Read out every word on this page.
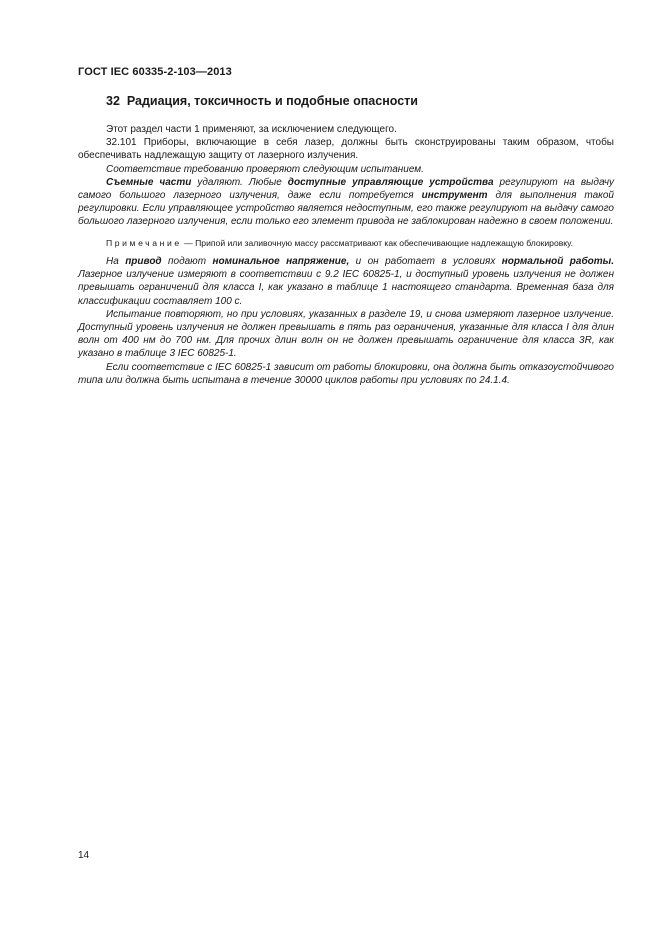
ГОСТ IEC 60335-2-103—2013
32 Радиация, токсичность и подобные опасности

Этот раздел части 1 применяют, за исключением следующего.

32.101 Приборы, включающие в себя лазер, должны быть сконструированы таким образом, чтобы обеспечивать надлежащую защиту от лазерного излучения.

Соответствие требованию проверяют следующим испытанием.

Съемные части удаляют. Любые доступные управляющие устройства регулируют на выдачу самого большого лазерного излучения, даже если потребуется инструмент для выполнения такой регулировки. Если управляющее устройство является недоступным, его также регулируют на выдачу самого большого лазерного излучения, если только его элемент привода не заблокирован надежно в своем положении.

Примечание — Припой или заливочную массу рассматривают как обеспечивающие надлежащую блокировку.

На привод подают номинальное напряжение, и он работает в условиях нормальной работы. Лазерное излучение измеряют в соответствии с 9.2 IEC 60825-1, и доступный уровень излучения не должен превышать ограничений для класса I, как указано в таблице 1 настоящего стандарта. Временная база для классификации составляет 100 с.

Испытание повторяют, но при условиях, указанных в разделе 19, и снова измеряют лазерное излучение. Доступный уровень излучения не должен превышать в пять раз ограничения, указанные для класса I для длин волн от 400 нм до 700 нм. Для прочих длин волн он не должен превышать ограничение для класса 3R, как указано в таблице 3 IEC 60825-1.

Если соответствие с IEC 60825-1 зависит от работы блокировки, она должна быть отказоустойчивого типа или должна быть испытана в течение 30000 циклов работы при условиях по 24.1.4.

14
